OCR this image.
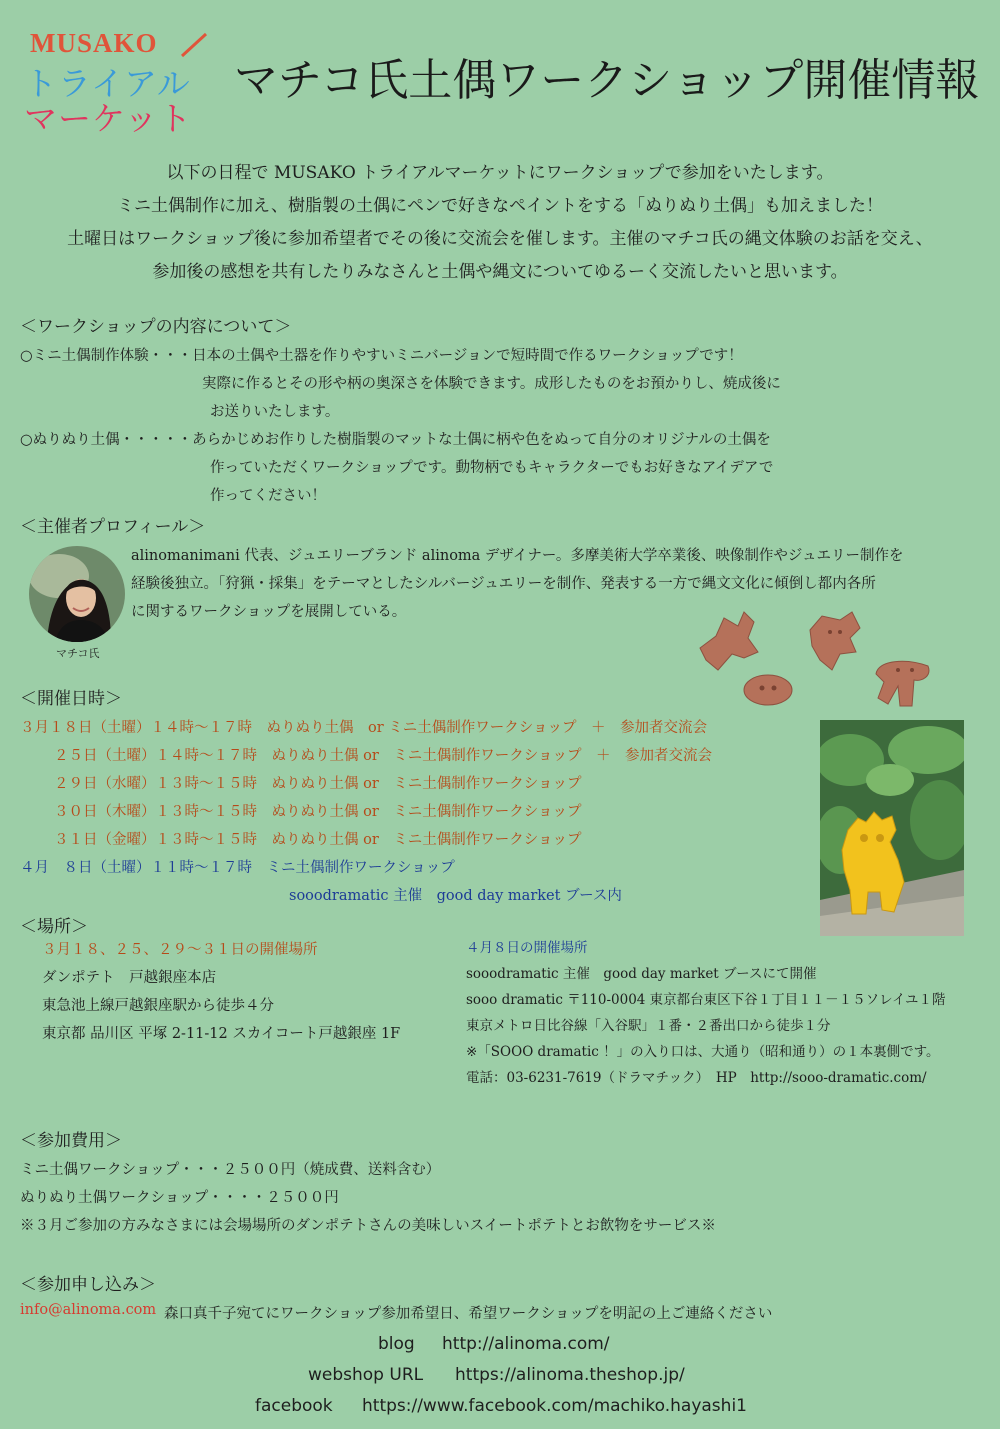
MUSAKO
トライアル
マーケット
マチコ氏土偶ワークショップ開催情報
以下の日程で MUSAKO トライアルマーケットにワークショップで参加をいたします。
ミニ土偶制作に加え、樹脂製の土偶にペンで好きなペイントをする「ぬりぬり土偶」も加えました！
土曜日はワークショップ後に参加希望者でその後に交流会を催します。主催のマチコ氏の縄文体験のお話を交え、
参加後の感想を共有したりみなさんと土偶や縄文についてゆるーく交流したいと思います。
＜ワークショップの内容について＞
○ミニ土偶制作体験・・・日本の土偶や土器を作りやすいミニバージョンで短時間で作るワークショップです！
実際に作るとその形や柄の奥深さを体験できます。成形したものをお預かりし、焼成後に
お送りいたします。
○ぬりぬり土偶・・・・・あらかじめお作りした樹脂製のマットな土偶に柄や色をぬって自分のオリジナルの土偶を
作っていただくワークショップです。動物柄でもキャラクターでもお好きなアイデアで
作ってください！
＜主催者プロフィール＞
マチコ氏
alinomanimani 代表、ジュエリーブランド alinoma デザイナー。多摩美術大学卒業後、映像制作やジュエリー制作を
経験後独立。「狩猟・採集」をテーマとしたシルバージュエリーを制作、発表する一方で縄文文化に傾倒し都内各所
に関するワークショップを展開している。
＜開催日時＞
３月１８日（土曜）１４時〜１７時　ぬりぬり土偶　or ミニ土偶制作ワークショップ　＋　参加者交流会
２５日（土曜）１４時〜１７時　ぬりぬり土偶 or　ミニ土偶制作ワークショップ　＋　参加者交流会
２９日（水曜）１３時〜１５時　ぬりぬり土偶 or　ミニ土偶制作ワークショップ
３０日（木曜）１３時〜１５時　ぬりぬり土偶 or　ミニ土偶制作ワークショップ
３１日（金曜）１３時〜１５時　ぬりぬり土偶 or　ミニ土偶制作ワークショップ
４月　８日（土曜）１１時〜１７時　ミニ土偶制作ワークショップ
sooodramatic 主催　good day market ブース内
＜場所＞
３月１８、２５、２９〜３１日の開催場所
ダンポテト　戸越銀座本店
東急池上線戸越銀座駅から徒歩４分
東京都 品川区 平塚 2-11-12 スカイコート戸越銀座 1F
４月８日の開催場所
sooodramatic 主催　good day market ブースにて開催
sooo dramatic 〒110-0004 東京都台東区下谷１丁目１１－１５ソレイユ１階
東京メトロ日比谷線「入谷駅」１番・２番出口から徒歩１分
※「SOOO dramatic ！」の入り口は、大通り（昭和通り）の１本裏側です。
電話：03-6231-7619（ドラマチック）　HP　http://sooo-dramatic.com/
＜参加費用＞
ミニ土偶ワークショップ・・・２５００円（焼成費、送料含む）
ぬりぬり土偶ワークショップ・・・・２５００円
※３月ご参加の方みなさまには会場場所のダンポテトさんの美味しいスイートポテトとお飲物をサービス※
＜参加申し込み＞
info@alinoma.com 森口真千子宛てにワークショップ参加希望日、希望ワークショップを明記の上ご連絡ください
blog http://alinoma.com/
webshop URL https://alinoma.theshop.jp/
facebook https://www.facebook.com/machiko.hayashi1
